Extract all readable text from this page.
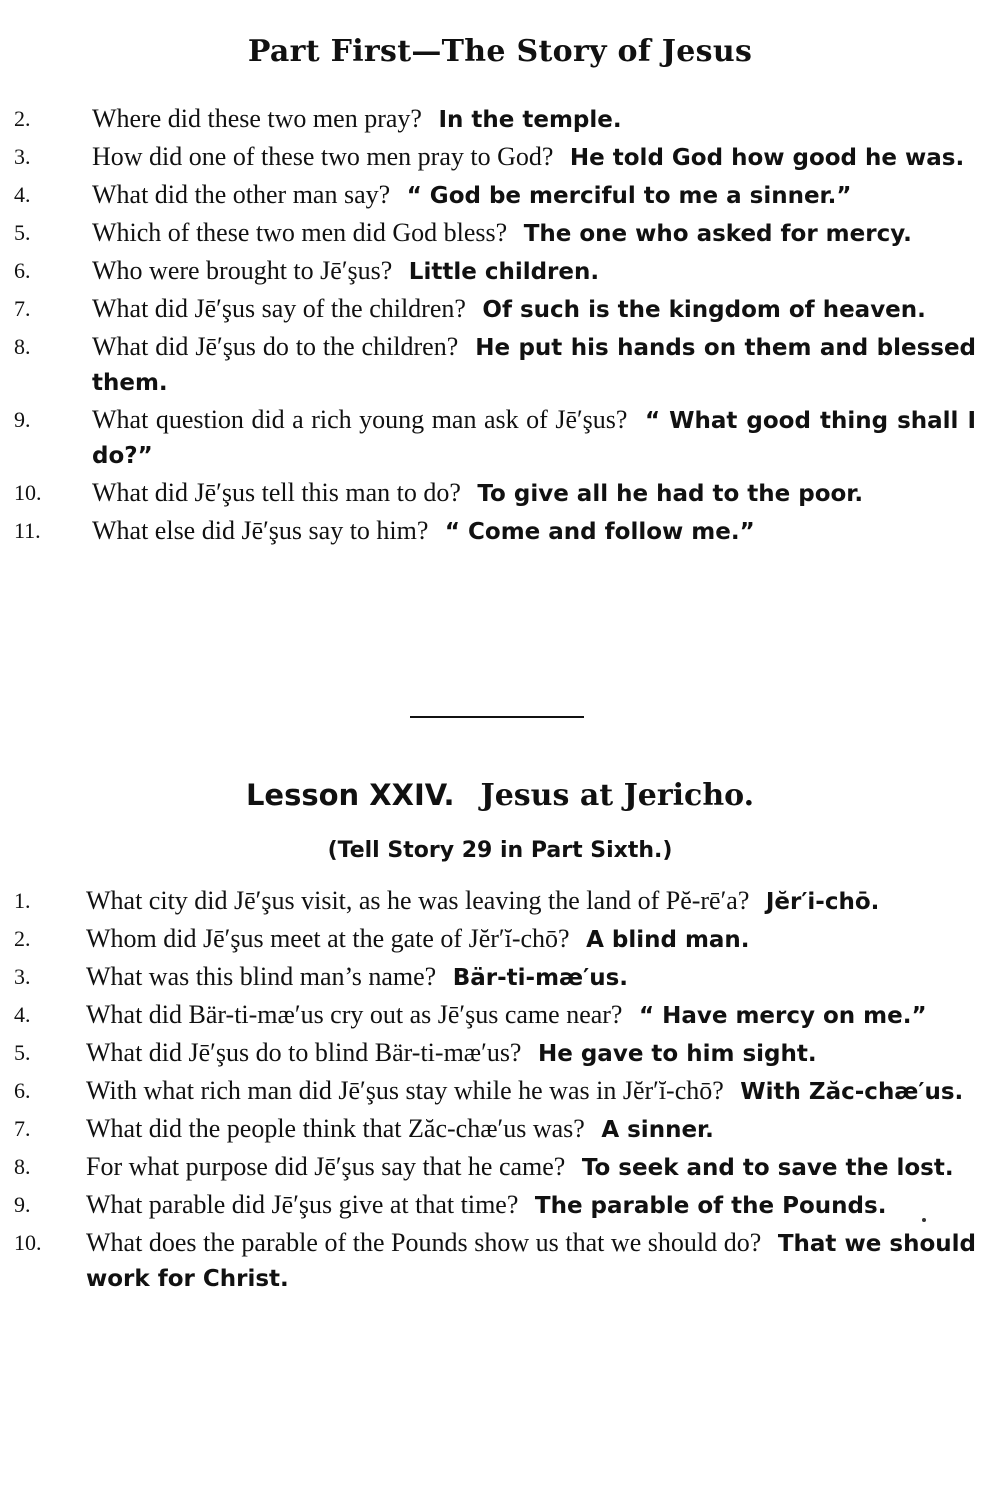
Part First—The Story of Jesus
2.	Where did these two men pray? In the temple.
3.	How did one of these two men pray to God? He told God how good he was.
4.	What did the other man say? “ God be merciful to me a sinner.”
5.	Which of these two men did God bless? The one who asked for mercy.
6.	Who were brought to Jē′şus? Little children.
7.	What did Jē′şus say of the children? Of such is the kingdom of heaven.
8.	What did Jē′şus do to the children? He put his hands on them and blessed them.
9.	What question did a rich young man ask of Jē′şus? “ What good thing shall I do?”
10.	What did Jē′şus tell this man to do? To give all he had to the poor.
11.	What else did Jē′şus say to him? “ Come and follow me.”
Lesson XXIV. Jesus at Jericho.
(Tell Story 29 in Part Sixth.)
1.	What city did Jē′şus visit, as he was leaving the land of Pĕ-rē′a? Jĕr′i-chō.
2.	Whom did Jē′şus meet at the gate of Jĕr′ĭ-chō? A blind man.
3.	What was this blind man’s name? Bär-ti-mæ′us.
4.	What did Bär-ti-mæ′us cry out as Jē′şus came near? “ Have mercy on me.”
5.	What did Jē′şus do to blind Bär-ti-mæ′us? He gave to him sight.
6.	With what rich man did Jē′şus stay while he was in Jĕr′ĭ-chō? With Zăc-chæ′us.
7.	What did the people think that Zăc-chæ′us was? A sinner.
8.	For what purpose did Jē′şus say that he came? To seek and to save the lost.
9.	What parable did Jē′şus give at that time? The parable of the Pounds.
10.	What does the parable of the Pounds show us that we should do? That we should work for Christ.
